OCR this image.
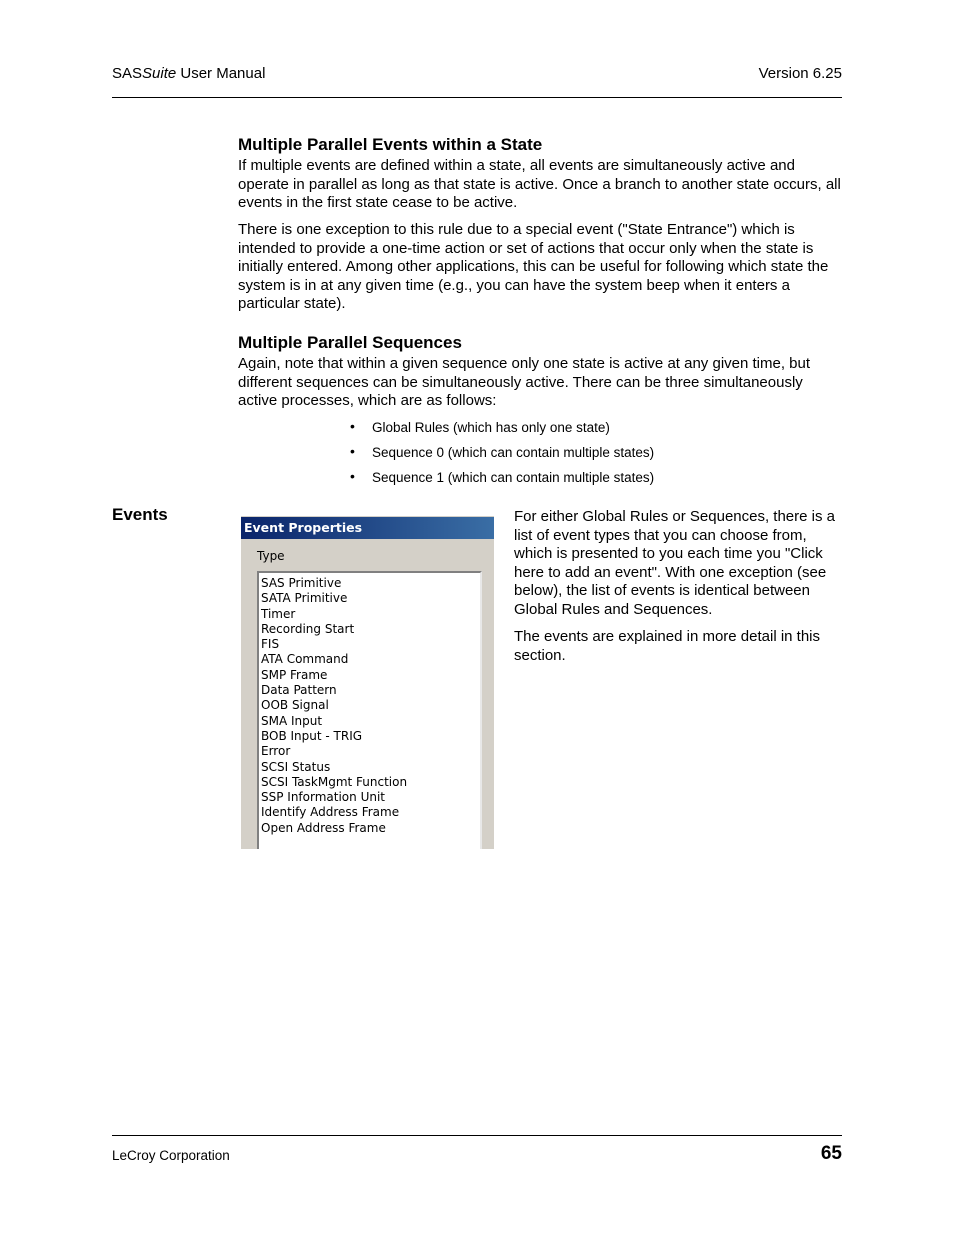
SASSuite User Manual	Version 6.25
Multiple Parallel Events within a State
If multiple events are defined within a state, all events are simultaneously active and operate in parallel as long as that state is active. Once a branch to another state occurs, all events in the first state cease to be active.
There is one exception to this rule due to a special event ("State Entrance") which is intended to provide a one-time action or set of actions that occur only when the state is initially entered. Among other applications, this can be useful for following which state the system is in at any given time (e.g., you can have the system beep when it enters a particular state).
Multiple Parallel Sequences
Again, note that within a given sequence only one state is active at any given time, but different sequences can be simultaneously active. There can be three simultaneously active processes, which are as follows:
•	Global Rules (which has only one state)
•	Sequence 0 (which can contain multiple states)
•	Sequence 1 (which can contain multiple states)
Events
Event Properties
Type
SAS Primitive
SATA Primitive
Timer
Recording Start
FIS
ATA Command
SMP Frame
Data Pattern
OOB Signal
SMA Input
BOB Input - TRIG
Error
SCSI Status
SCSI TaskMgmt Function
SSP Information Unit
Identify Address Frame
Open Address Frame
For either Global Rules or Sequences, there is a list of event types that you can choose from, which is presented to you each time you "Click here to add an event". With one exception (see below), the list of events is identical between Global Rules and Sequences.
The events are explained in more detail in this section.
LeCroy Corporation	65
